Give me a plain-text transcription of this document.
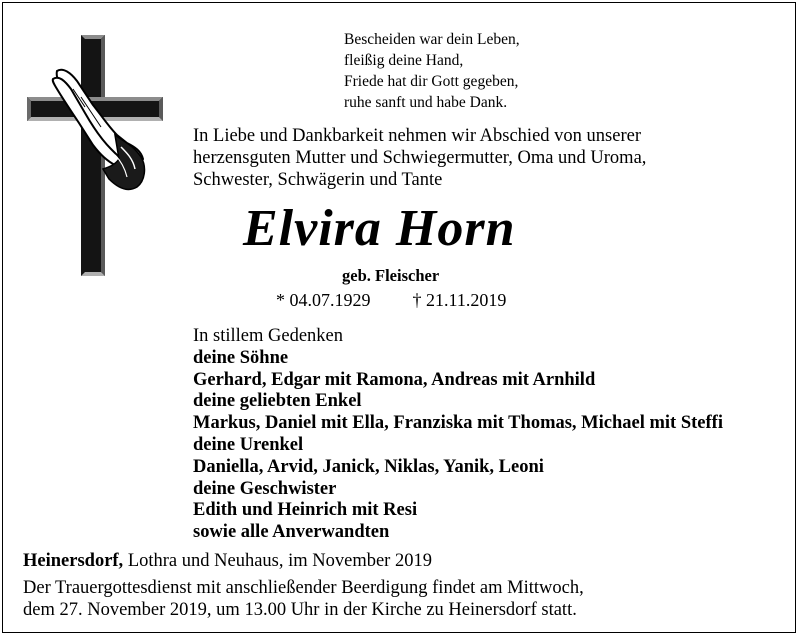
Bescheiden war dein Leben,
fleißig deine Hand,
Friede hat dir Gott gegeben,
ruhe sanft und habe Dank.
In Liebe und Dankbarkeit nehmen wir Abschied von unserer
herzensguten Mutter und Schwiegermutter, Oma und Uroma,
Schwester, Schwägerin und Tante
Elvira Horn
geb. Fleischer
* 04.07.1929 † 21.11.2019
In stillem Gedenken
deine Söhne
Gerhard, Edgar mit Ramona, Andreas mit Arnhild
deine geliebten Enkel
Markus, Daniel mit Ella, Franziska mit Thomas, Michael mit Steffi
deine Urenkel
Daniella, Arvid, Janick, Niklas, Yanik, Leoni
deine Geschwister
Edith und Heinrich mit Resi
sowie alle Anverwandten
Heinersdorf, Lothra und Neuhaus, im November 2019
Der Trauergottesdienst mit anschließender Beerdigung findet am Mittwoch,
dem 27. November 2019, um 13.00 Uhr in der Kirche zu Heinersdorf statt.
